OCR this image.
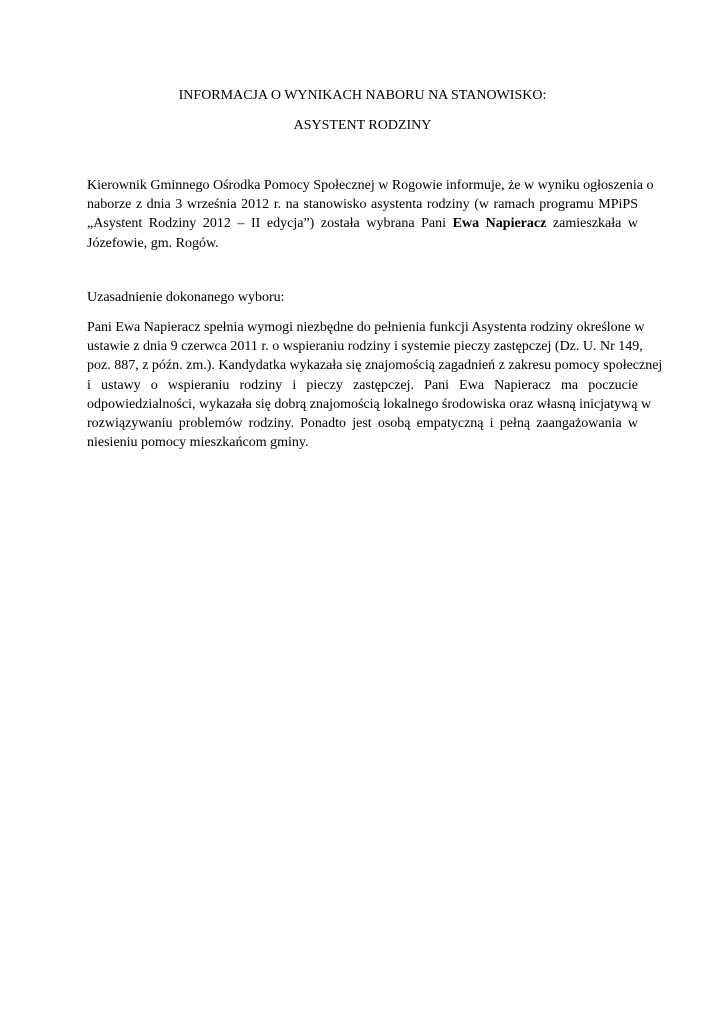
INFORMACJA O WYNIKACH NABORU NA STANOWISKO:
ASYSTENT RODZINY
Kierownik Gminnego Ośrodka Pomocy Społecznej w Rogowie informuje, że w wyniku ogłoszenia o
naborze z dnia 3 września 2012 r. na stanowisko asystenta rodziny (w ramach programu MPiPS
„Asystent Rodziny 2012 – II edycja”) została wybrana Pani Ewa Napieracz zamieszkała w
Józefowie, gm. Rogów.
Uzasadnienie dokonanego wyboru:
Pani Ewa Napieracz spełnia wymogi niezbędne do pełnienia funkcji Asystenta rodziny określone w
ustawie z dnia 9 czerwca 2011 r. o wspieraniu rodziny i systemie pieczy zastępczej (Dz. U. Nr 149,
poz. 887, z późn. zm.). Kandydatka wykazała się znajomością zagadnień z zakresu pomocy społecznej
i ustawy o wspieraniu rodziny i pieczy zastępczej. Pani Ewa Napieracz ma poczucie
odpowiedzialności, wykazała się dobrą znajomością lokalnego środowiska oraz własną inicjatywą w
rozwiązywaniu problemów rodziny. Ponadto jest osobą empatyczną i pełną zaangażowania w
niesieniu pomocy mieszkańcom gminy.
